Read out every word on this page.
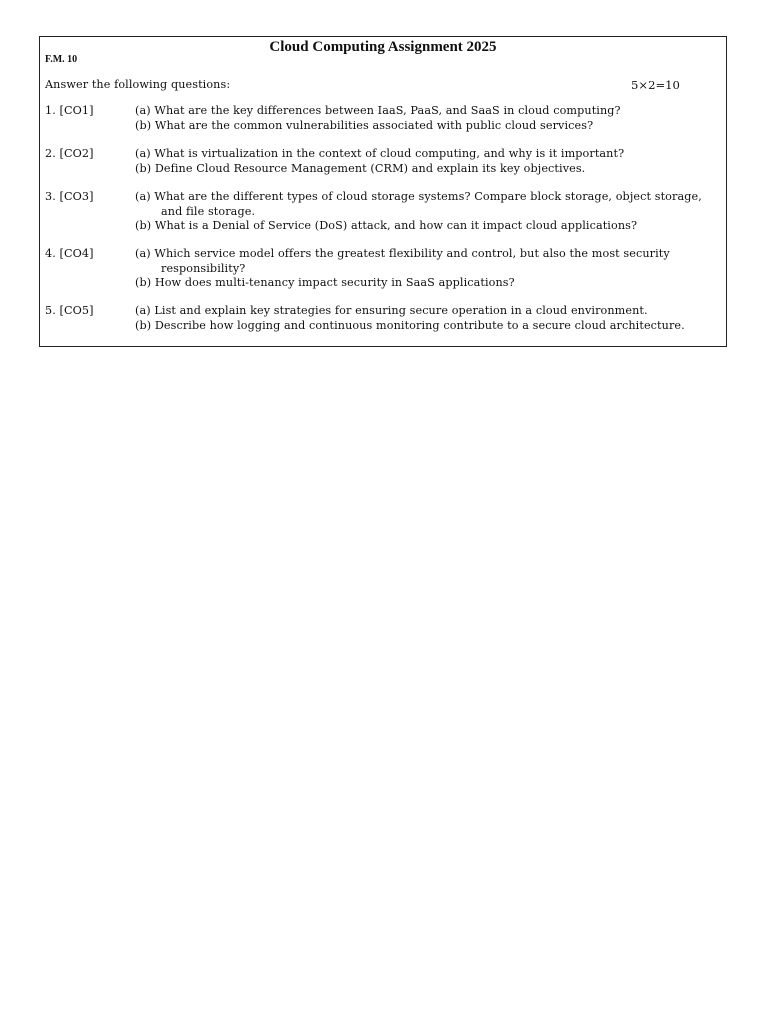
Cloud Computing Assignment 2025
F.M. 10
Answer the following questions:	5×2=10
1. [CO1]	(a) What are the key differences between IaaS, PaaS, and SaaS in cloud computing?
(b) What are the common vulnerabilities associated with public cloud services?
2. [CO2]	(a) What is virtualization in the context of cloud computing, and why is it important?
(b) Define Cloud Resource Management (CRM) and explain its key objectives.
3. [CO3]	(a) What are the different types of cloud storage systems? Compare block storage, object storage, and file storage.
(b) What is a Denial of Service (DoS) attack, and how can it impact cloud applications?
4. [CO4]	(a) Which service model offers the greatest flexibility and control, but also the most security responsibility?
(b) How does multi-tenancy impact security in SaaS applications?
5. [CO5]	(a) List and explain key strategies for ensuring secure operation in a cloud environment.
(b) Describe how logging and continuous monitoring contribute to a secure cloud architecture.
